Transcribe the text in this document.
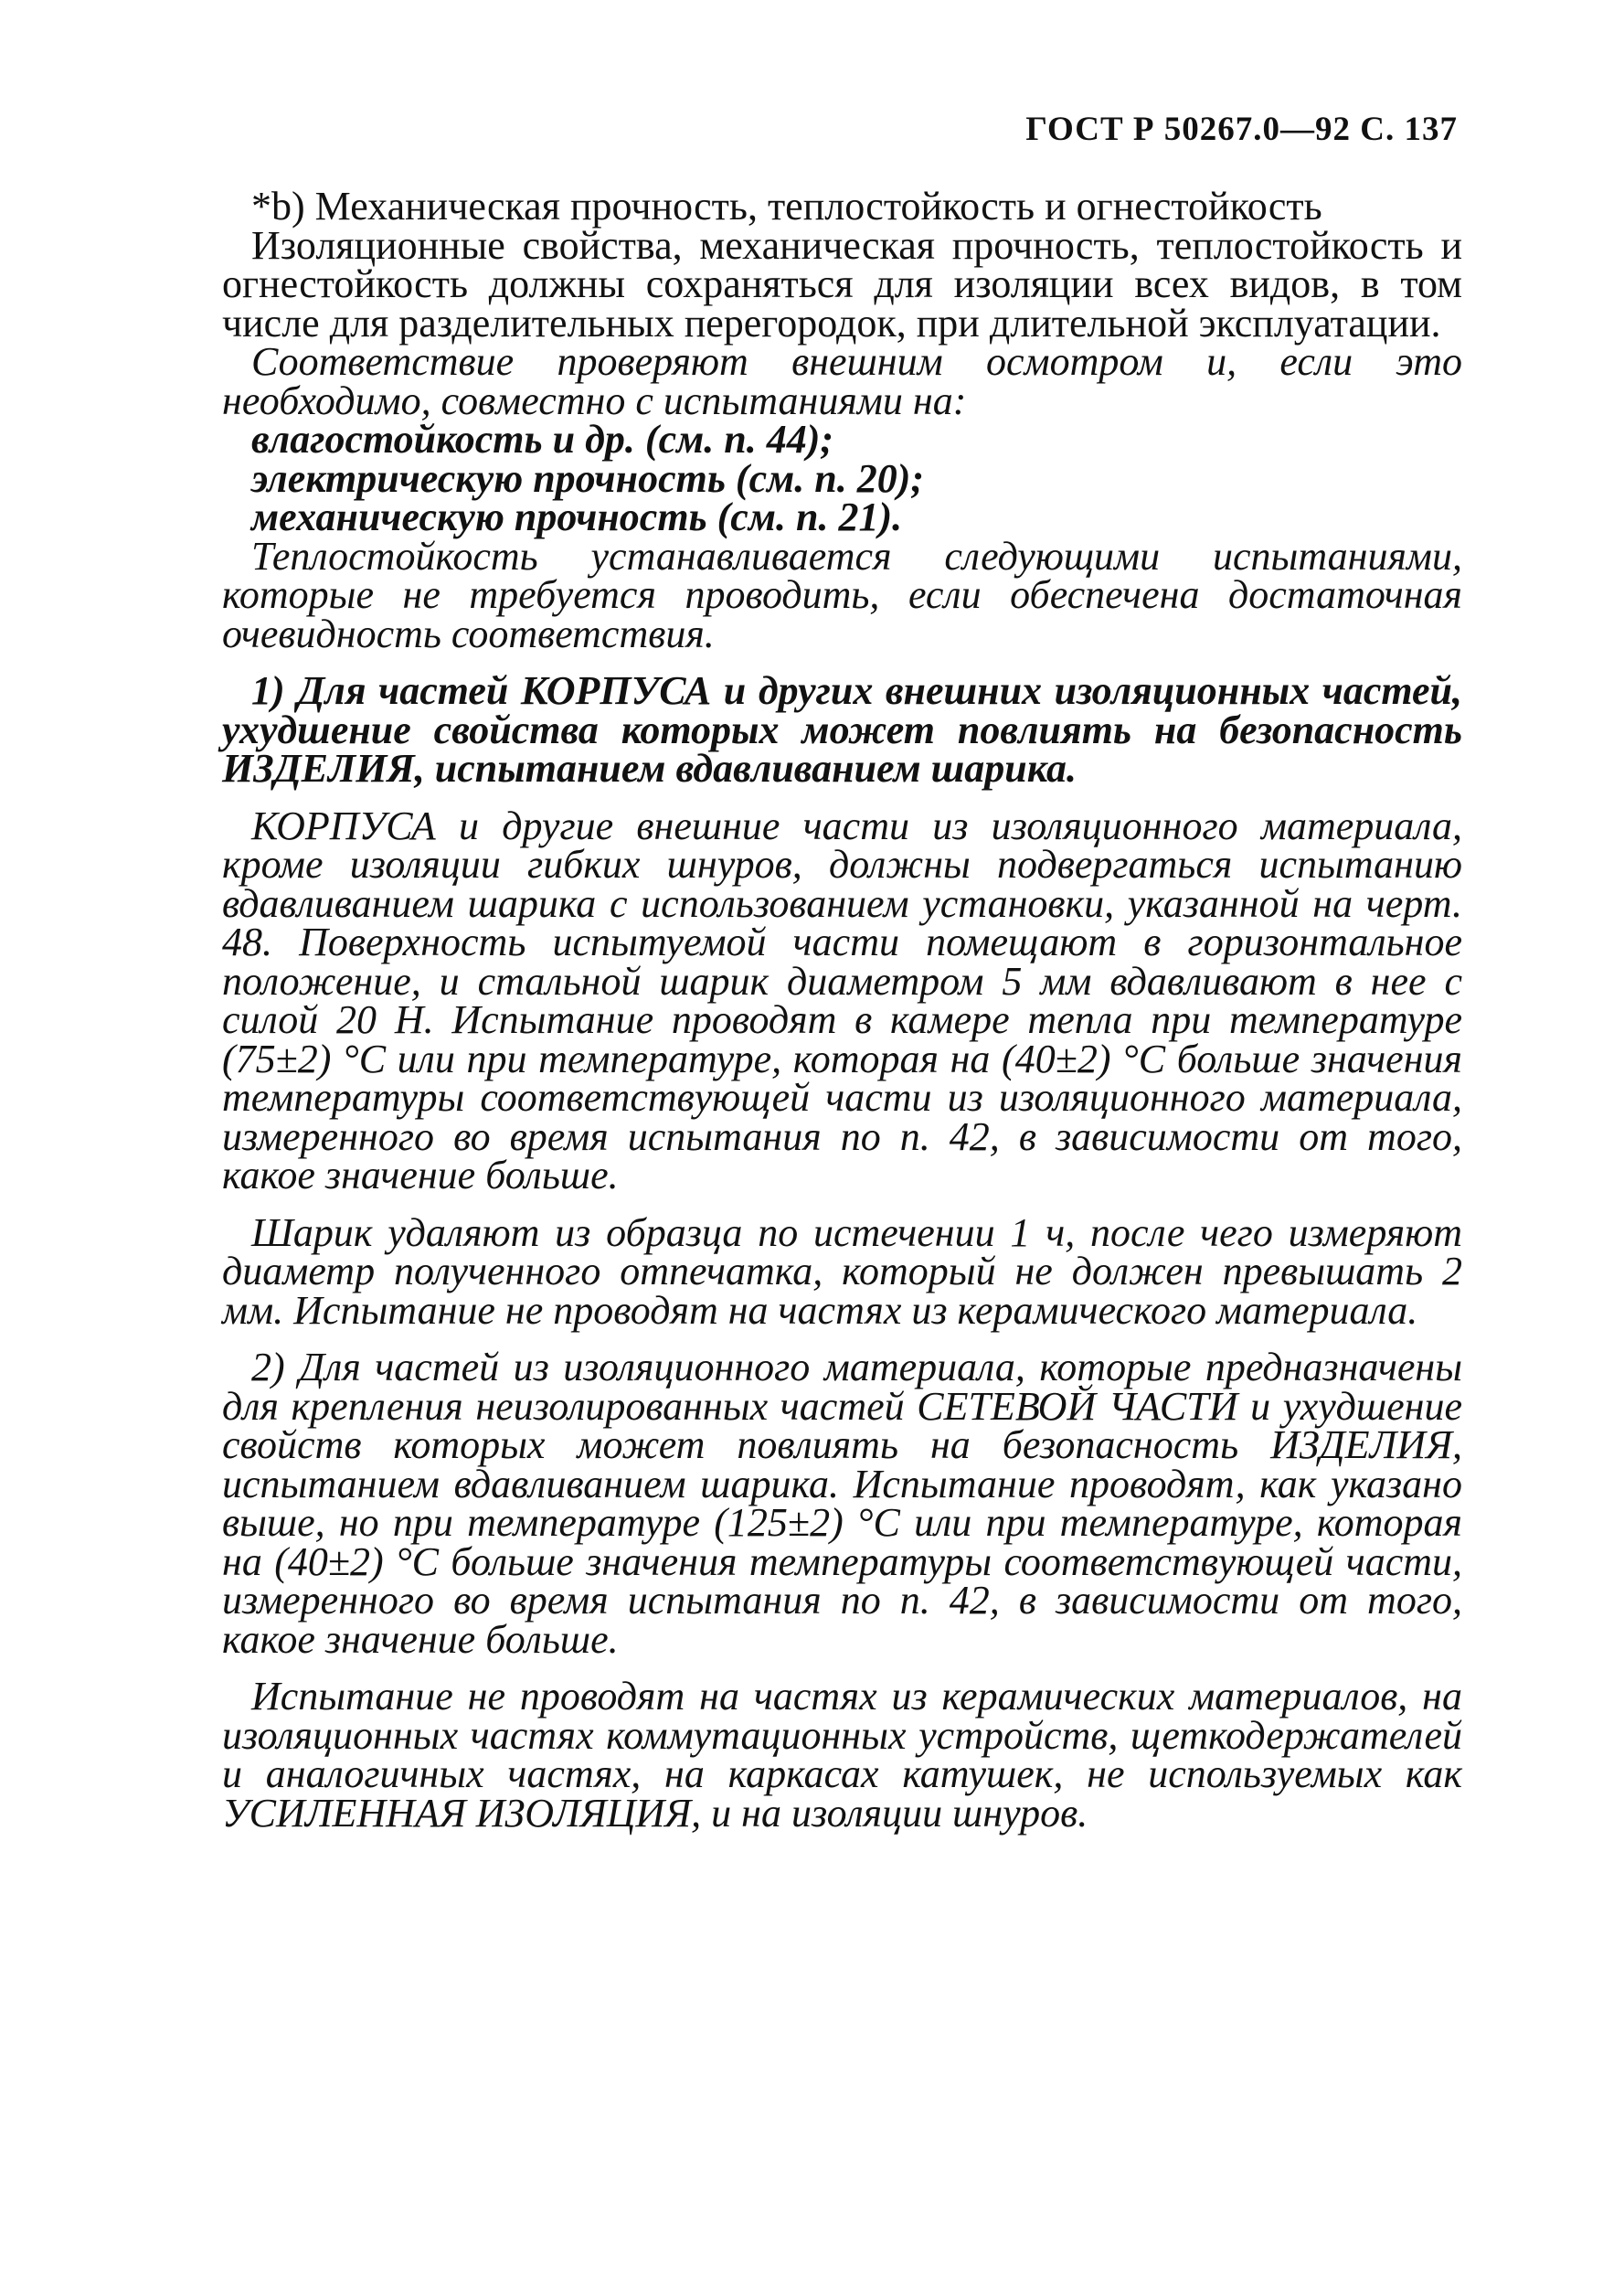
ГОСТ Р 50267.0—92 С. 137

*b) Механическая прочность, теплостойкость и огнестойкость

Изоляционные свойства, механическая прочность, теплостойкость и огнестойкость должны сохраняться для изоляции всех видов, в том числе для разделительных перегородок, при длительной эксплуатации.

Соответствие проверяют внешним осмотром и, если это необходимо, совместно с испытаниями на:

влагостойкость и др. (см. п. 44);

электрическую прочность (см. п. 20);

механическую прочность (см. п. 21).

Теплостойкость устанавливается следующими испытаниями, которые не требуется проводить, если обеспечена достаточная очевидность соответствия.

1) Для частей КОРПУСА и других внешних изоляционных частей, ухудшение свойства которых может повлиять на безопасность ИЗДЕЛИЯ, испытанием вдавливанием шарика.

КОРПУСА и другие внешние части из изоляционного материала, кроме изоляции гибких шнуров, должны подвергаться испытанию вдавливанием шарика с использованием установки, указанной на черт. 48. Поверхность испытуемой части помещают в горизонтальное положение, и стальной шарик диаметром 5 мм вдавливают в нее с силой 20 Н. Испытание проводят в камере тепла при температуре (75±2) °С или при температуре, которая на (40±2) °С больше значения температуры соответствующей части из изоляционного материала, измеренного во время испытания по п. 42, в зависимости от того, какое значение больше.

Шарик удаляют из образца по истечении 1 ч, после чего измеряют диаметр полученного отпечатка, который не должен превышать 2 мм. Испытание не проводят на частях из керамического материала.

2) Для частей из изоляционного материала, которые предназначены для крепления неизолированных частей СЕТЕВОЙ ЧАСТИ и ухудшение свойств которых может повлиять на безопасность ИЗДЕЛИЯ, испытанием вдавливанием шарика. Испытание проводят, как указано выше, но при температуре (125±2) °С или при температуре, которая на (40±2) °С больше значения температуры соответствующей части, измеренного во время испытания по п. 42, в зависимости от того, какое значение больше.

Испытание не проводят на частях из керамических материалов, на изоляционных частях коммутационных устройств, щеткодержателей и аналогичных частях, на каркасах катушек, не используемых как УСИЛЕННАЯ ИЗОЛЯЦИЯ, и на изоляции шнуров.
